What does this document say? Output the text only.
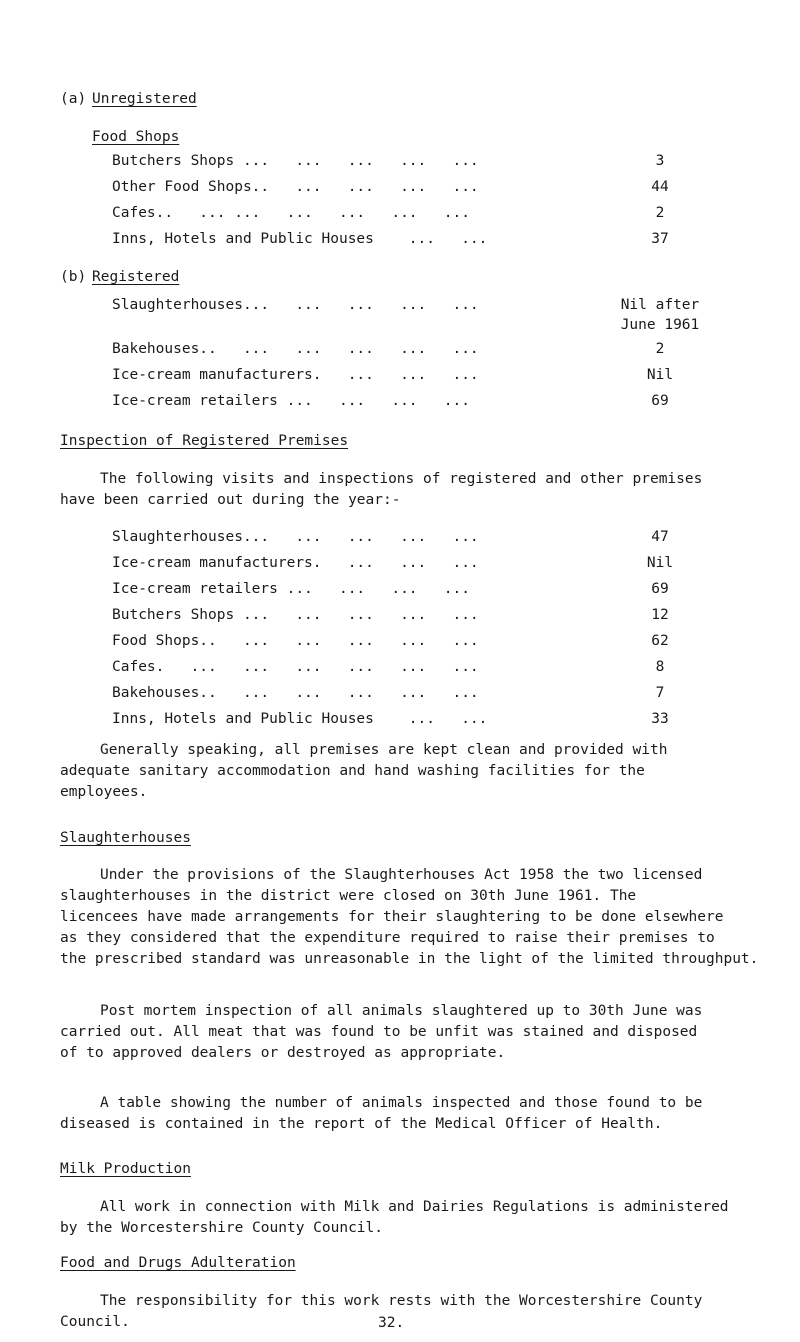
(a) Unregistered
Food Shops
Butchers Shops ...   ...   ...   ...   ...	3
Other Food Shops..   ...   ...   ...   ...	44
Cafes..   ... ...   ...   ...   ...   ...	2
Inns, Hotels and Public Houses    ...   ...	37
(b) Registered
Slaughterhouses...   ...   ...   ...   ...	Nil after
June 1961
Bakehouses..   ...   ...   ...   ...   ...	2
Ice-cream manufacturers.   ...   ...   ...	Nil
Ice-cream retailers ...   ...   ...   ...	69
Inspection of Registered Premises
The following visits and inspections of registered and other premises
have been carried out during the year:-
Slaughterhouses...   ...   ...   ...   ...	47
Ice-cream manufacturers.   ...   ...   ...	Nil
Ice-cream retailers ...   ...   ...   ...	69
Butchers Shops ...   ...   ...   ...   ...	12
Food Shops..   ...   ...   ...   ...   ...	62
Cafes.   ...   ...   ...   ...   ...   ...	8
Bakehouses..   ...   ...   ...   ...   ...	7
Inns, Hotels and Public Houses    ...   ...	33
Generally speaking, all premises are kept clean and provided with
adequate sanitary accommodation and hand washing facilities for the
employees.
Slaughterhouses
Under the provisions of the Slaughterhouses Act 1958 the two licensed
slaughterhouses in the district were closed on 30th June 1961. The
licencees have made arrangements for their slaughtering to be done elsewhere
as they considered that the expenditure required to raise their premises to
the prescribed standard was unreasonable in the light of the limited throughput.
Post mortem inspection of all animals slaughtered up to 30th June was
carried out. All meat that was found to be unfit was stained and disposed
of to approved dealers or destroyed as appropriate.
A table showing the number of animals inspected and those found to be
diseased is contained in the report of the Medical Officer of Health.
Milk Production
All work in connection with Milk and Dairies Regulations is administered
by the Worcestershire County Council.
Food and Drugs Adulteration
The responsibility for this work rests with the Worcestershire County
Council.	32.
